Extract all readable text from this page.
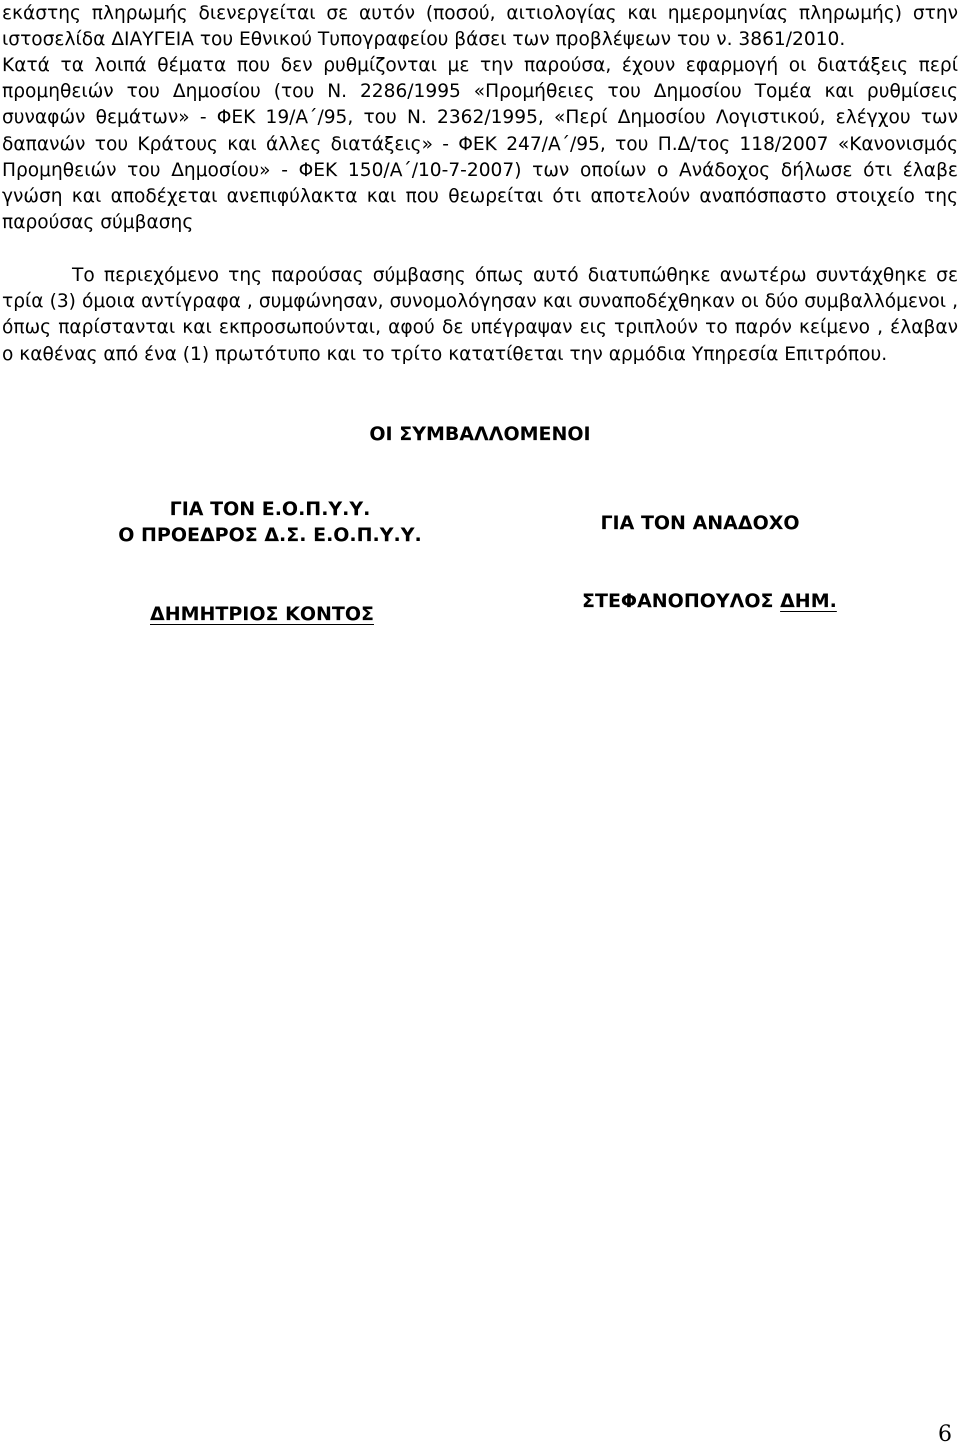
εκάστης πληρωμής διενεργείται σε αυτόν (ποσού, αιτιολογίας και ημερομηνίας πληρωμής) στην ιστοσελίδα ΔΙΑΥΓΕΙΑ του Εθνικού Τυπογραφείου βάσει των προβλέψεων του ν. 3861/2010.

Κατά τα λοιπά θέματα που δεν ρυθμίζονται με την παρούσα, έχουν εφαρμογή οι διατάξεις περί προμηθειών του Δημοσίου (του Ν. 2286/1995 «Προμήθειες του Δημοσίου Τομέα και ρυθμίσεις συναφών θεμάτων» - ΦΕΚ 19/Α΄/95, του Ν. 2362/1995, «Περί Δημοσίου Λογιστικού, ελέγχου των δαπανών του Κράτους και άλλες διατάξεις» - ΦΕΚ 247/Α΄/95, του Π.Δ/τος 118/2007 «Κανονισμός Προμηθειών του Δημοσίου» - ΦΕΚ 150/Α΄/10-7-2007) των οποίων ο Ανάδοχος δήλωσε ότι έλαβε γνώση και αποδέχεται ανεπιφύλακτα και που θεωρείται ότι αποτελούν αναπόσπαστο στοιχείο της παρούσας σύμβασης

Το περιεχόμενο της παρούσας σύμβασης όπως αυτό διατυπώθηκε ανωτέρω συντάχθηκε σε τρία (3) όμοια αντίγραφα , συμφώνησαν, συνομολόγησαν και συναποδέχθηκαν οι δύο συμβαλλόμενοι , όπως παρίστανται και εκπροσωπούνται, αφού δε υπέγραψαν εις τριπλούν το παρόν κείμενο , έλαβαν ο καθένας από ένα (1) πρωτότυπο και το τρίτο κατατίθεται την αρμόδια Υπηρεσία Επιτρόπου.

ΟΙ ΣΥΜΒΑΛΛΟΜΕΝΟΙ

ΓΙΑ ΤΟΝ Ε.Ο.Π.Υ.Υ.
Ο ΠΡΟΕΔΡΟΣ Δ.Σ. Ε.Ο.Π.Υ.Υ.
ΓΙΑ ΤΟΝ ΑΝΑΔΟΧΟ

ΔΗΜΗΤΡΙΟΣ ΚΟΝΤΟΣ

ΣΤΕΦΑΝΟΠΟΥΛΟΣ ΔΗΜ.

6
